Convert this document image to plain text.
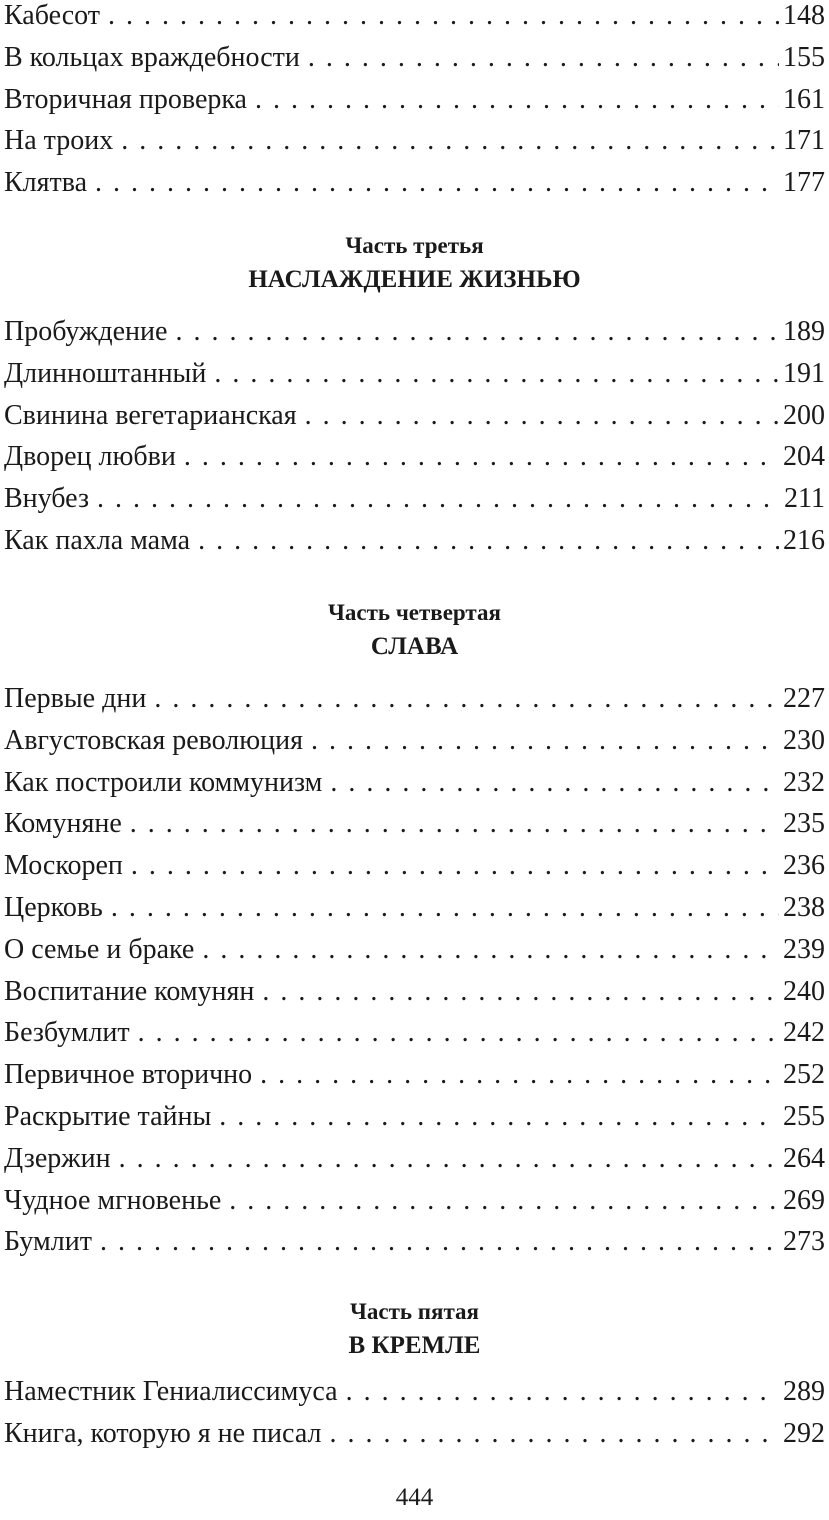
Кабесот . . .	148
В кольцах враждебности . . .	155
Вторичная проверка . . .	161
На троих . . .	171
Клятва . . .	177
Часть третья
НАСЛАЖДЕНИЕ ЖИЗНЬЮ
Пробуждение . . .	189
Длинноштанный . . .	191
Свинина вегетарианская . . .	200
Дворец любви . . .	204
Внубез . . .	211
Как пахла мама . . .	216
Часть четвертая
СЛАВА
Первые дни . . .	227
Августовская революция . . .	230
Как построили коммунизм . . .	232
Комуняне . . .	235
Москореп . . .	236
Церковь . . .	238
О семье и браке . . .	239
Воспитание комунян . . .	240
Безбумлит . . .	242
Первичное вторично . . .	252
Раскрытие тайны . . .	255
Дзержин . . .	264
Чудное мгновенье . . .	269
Бумлит . . .	273
Часть пятая
В КРЕМЛЕ
Наместник Гениалиссимуса . . .	289
Книга, которую я не писал . . .	292
444
